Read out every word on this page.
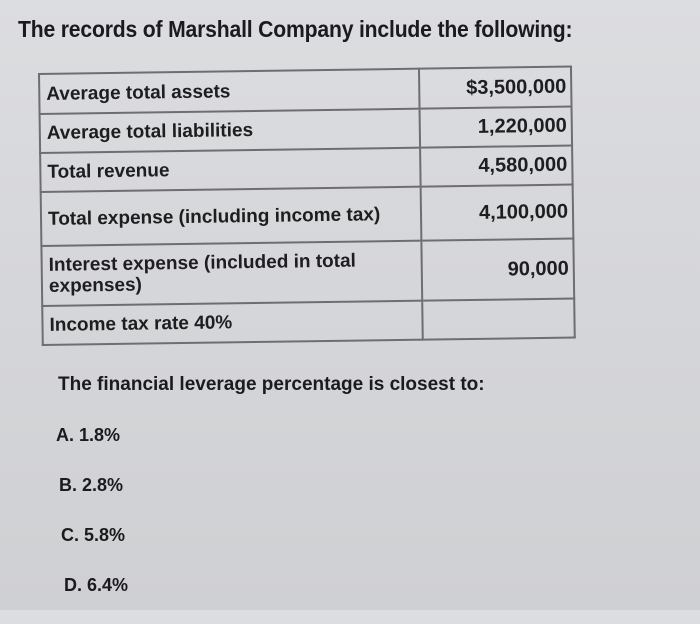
The records of Marshall Company include the following:
Average total assets	$3,500,000
Average total liabilities	1,220,000
Total revenue	4,580,000
Total expense (including income tax)	4,100,000
Interest expense (included in total expenses)	90,000
Income tax rate 40%	
The financial leverage percentage is closest to:
A. 1.8%
B. 2.8%
C. 5.8%
D. 6.4%
